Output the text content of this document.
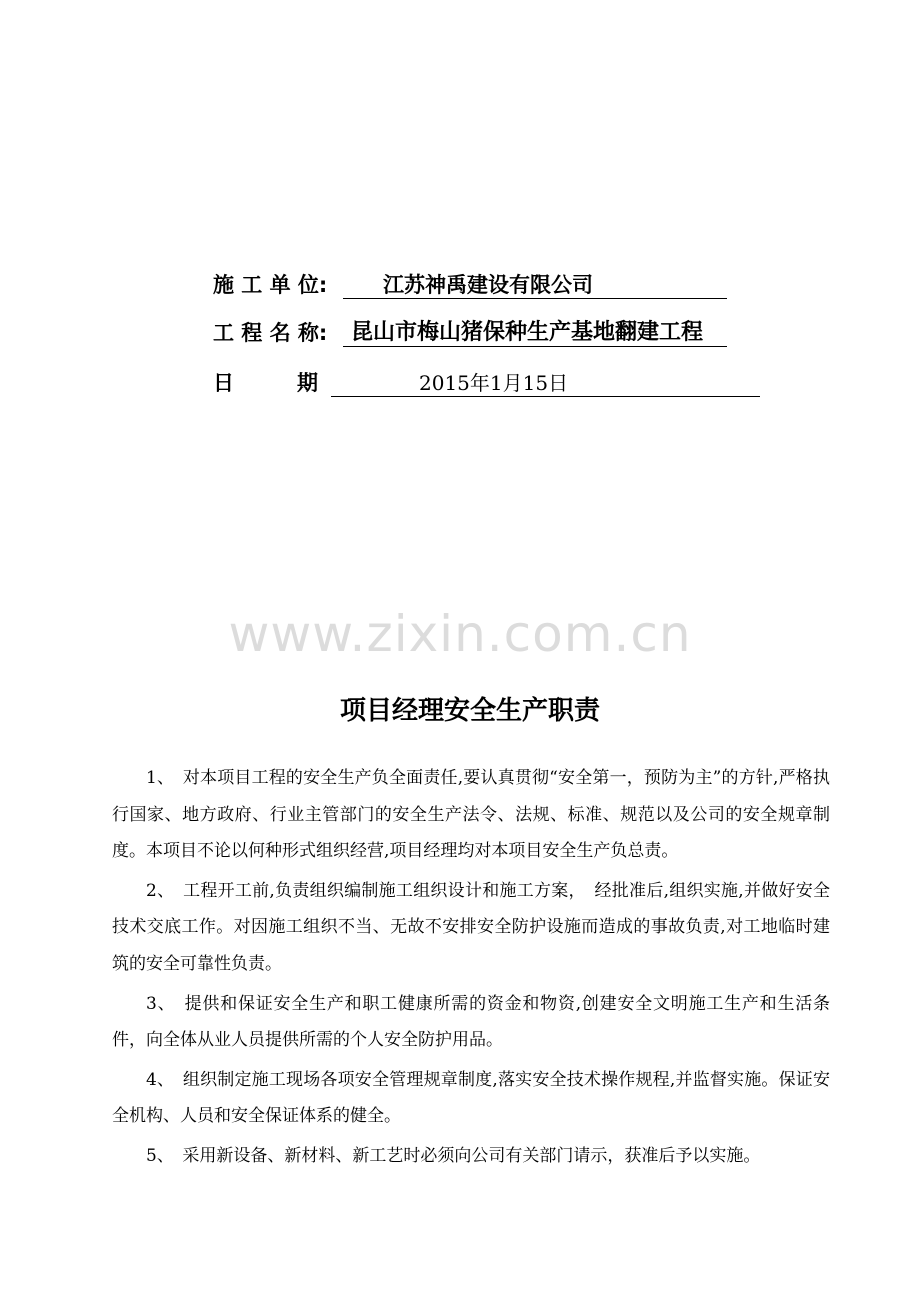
施 工 单 位:	江苏神禹建设有限公司
工 程 名 称:	昆山市梅山猪保种生产基地翻建工程
日　　　期	2015年1月15日
www.zixin.com.cn
项目经理安全生产职责

1、　对本项目工程的安全生产负全面责任,要认真贯彻“安全第一，预防为主”的方针,严格执行国家、地方政府、行业主管部门的安全生产法令、法规、标准、规范以及公司的安全规章制度。本项目不论以何种形式组织经营,项目经理均对本项目安全生产负总责。

2、　工程开工前,负责组织编制施工组织设计和施工方案，　经批准后,组织实施,并做好安全技术交底工作。对因施工组织不当、无故不安排安全防护设施而造成的事故负责,对工地临时建筑的安全可靠性负责。

3、　提供和保证安全生产和职工健康所需的资金和物资,创建安全文明施工生产和生活条件，向全体从业人员提供所需的个人安全防护用品。

4、　组织制定施工现场各项安全管理规章制度,落实安全技术操作规程,并监督实施。保证安全机构、人员和安全保证体系的健全。

5、　采用新设备、新材料、新工艺时必须向公司有关部门请示，获准后予以实施。
